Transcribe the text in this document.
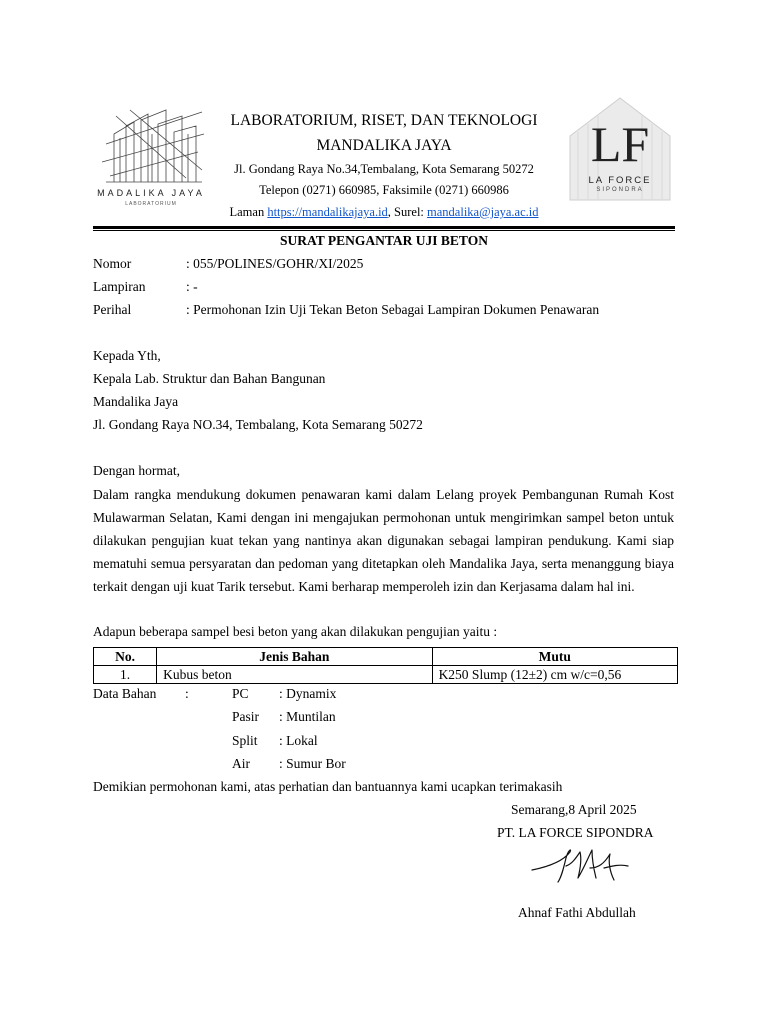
MADALIKA JAYA
LABORATORIUM
LABORATORIUM, RISET, DAN TEKNOLOGI
MANDALIKA JAYA
Jl. Gondang Raya No.34,Tembalang, Kota Semarang 50272
Telepon (0271) 660985, Faksimile (0271) 660986
Laman https://mandalikajaya.id, Surel: mandalika@jaya.ac.id
LF
LA FORCE
SIPONDRA
SURAT PENGANTAR UJI BETON
Nomor	: 055/POLINES/GOHR/XI/2025
Lampiran	: -
Perihal	: Permohonan Izin Uji Tekan Beton Sebagai Lampiran Dokumen Penawaran
Kepada Yth,
Kepala Lab. Struktur dan Bahan Bangunan
Mandalika Jaya
Jl. Gondang Raya NO.34, Tembalang, Kota Semarang 50272
Dengan hormat,
Dalam rangka mendukung dokumen penawaran kami dalam Lelang proyek Pembangunan Rumah Kost Mulawarman Selatan, Kami dengan ini mengajukan permohonan untuk mengirimkan sampel beton untuk dilakukan pengujian kuat tekan yang nantinya akan digunakan sebagai lampiran pendukung. Kami siap mematuhi semua persyaratan dan pedoman yang ditetapkan oleh Mandalika Jaya, serta menanggung biaya terkait dengan uji kuat Tarik tersebut. Kami berharap memperoleh izin dan Kerjasama dalam hal ini.
Adapun beberapa sampel besi beton yang akan dilakukan pengujian yaitu :
No.	Jenis Bahan	Mutu
1.	Kubus beton	K250 Slump (12±2) cm w/c=0,56
Data Bahan :	PC : Dynamix
Pasir : Muntilan
Split : Lokal
Air : Sumur Bor
Demikian permohonan kami, atas perhatian dan bantuannya kami ucapkan terimakasih
Semarang,8 April 2025
PT. LA FORCE SIPONDRA
Ahnaf Fathi Abdullah
